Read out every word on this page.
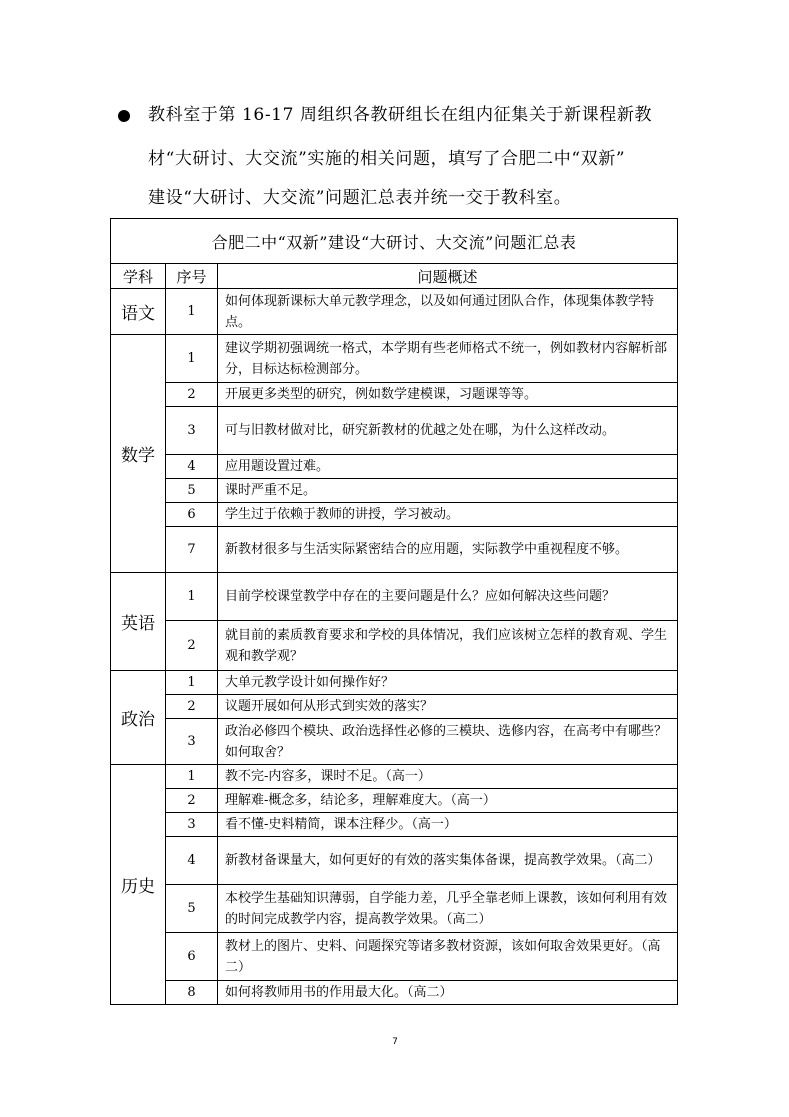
教科室于第 16-17 周组织各教研组长在组内征集关于新课程新教
材“大研讨、大交流”实施的相关问题，填写了合肥二中“双新”
建设“大研讨、大交流”问题汇总表并统一交于教科室。
合肥二中“双新”建设“大研讨、大交流”问题汇总表		
学科	序号	问题概述
语文	1	如何体现新课标大单元教学理念，以及如何通过团队合作，体现集体教学特点。
数学	1	建议学期初强调统一格式，本学期有些老师格式不统一，例如教材内容解析部分，目标达标检测部分。
	2	开展更多类型的研究，例如数学建模课，习题课等等。
	3	可与旧教材做对比，研究新教材的优越之处在哪，为什么这样改动。
	4	应用题设置过难。
	5	课时严重不足。
	6	学生过于依赖于教师的讲授，学习被动。
	7	新教材很多与生活实际紧密结合的应用题，实际教学中重视程度不够。
英语	1	目前学校课堂教学中存在的主要问题是什么？应如何解决这些问题？
	2	就目前的素质教育要求和学校的具体情况，我们应该树立怎样的教育观、学生观和教学观？
政治	1	大单元教学设计如何操作好？
	2	议题开展如何从形式到实效的落实？
	3	政治必修四个模块、政治选择性必修的三模块、选修内容，在高考中有哪些？如何取舍？
历史	1	教不完-内容多，课时不足。（高一）
	2	理解难-概念多，结论多，理解难度大。（高一）
	3	看不懂-史料精简，课本注释少。（高一）
	4	新教材备课量大，如何更好的有效的落实集体备课，提高教学效果。（高二）
	5	本校学生基础知识薄弱，自学能力差，几乎全靠老师上课教，该如何利用有效的时间完成教学内容，提高教学效果。（高二）
	6	教材上的图片、史料、问题探究等诸多教材资源，该如何取舍效果更好。（高二）
	8	如何将教师用书的作用最大化。（高二）
7
